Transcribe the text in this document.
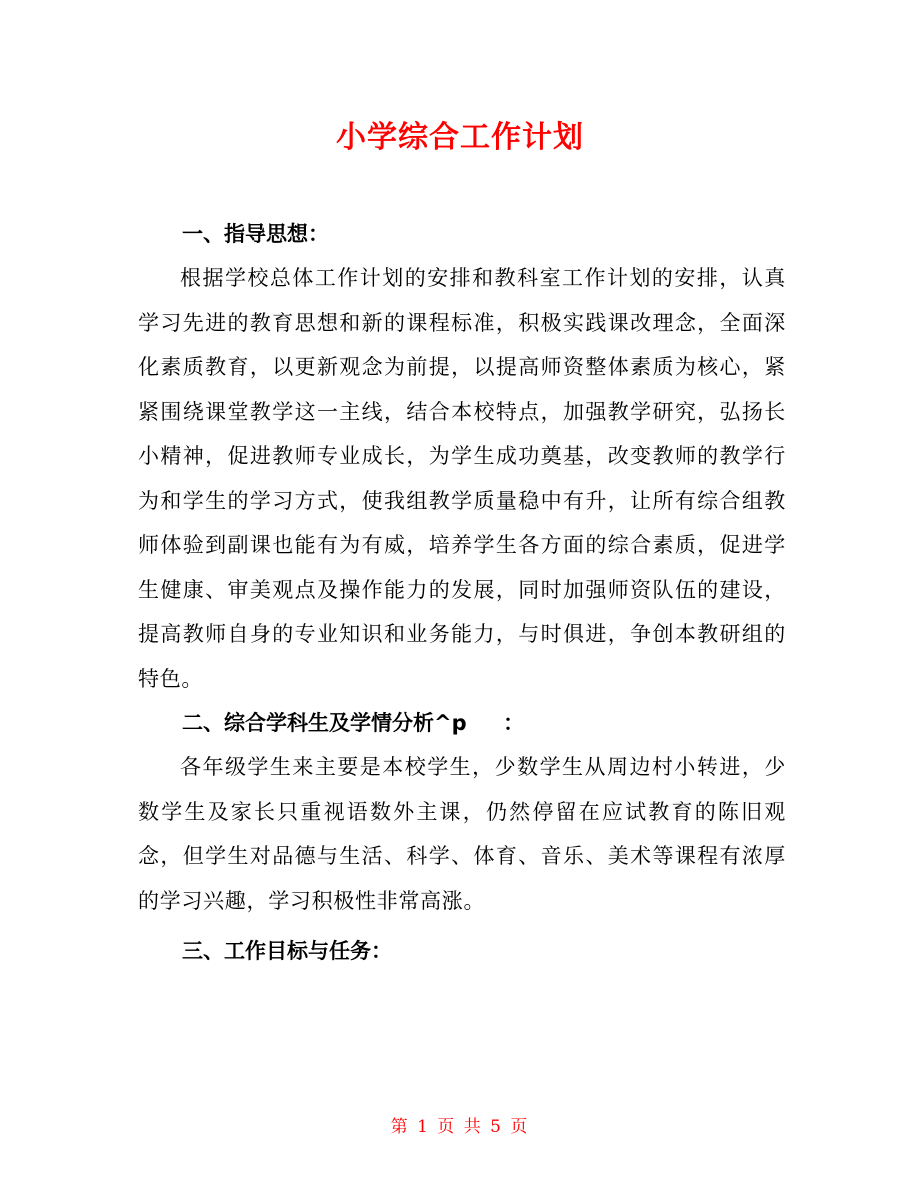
小学综合工作计划
一、指导思想：

根据学校总体工作计划的安排和教科室工作计划的安排，认真学习先进的教育思想和新的课程标准，积极实践课改理念，全面深化素质教育，以更新观念为前提，以提高师资整体素质为核心，紧紧围绕课堂教学这一主线，结合本校特点，加强教学研究，弘扬长小精神，促进教师专业成长，为学生成功奠基，改变教师的教学行为和学生的学习方式，使我组教学质量稳中有升，让所有综合组教师体验到副课也能有为有威，培养学生各方面的综合素质，促进学生健康、审美观点及操作能力的发展，同时加强师资队伍的建设，提高教师自身的专业知识和业务能力，与时俱进，争创本教研组的特色。

二、综合学科生及学情分析^p     ：

各年级学生来主要是本校学生，少数学生从周边村小转进，少数学生及家长只重视语数外主课，仍然停留在应试教育的陈旧观念，但学生对品德与生活、科学、体育、音乐、美术等课程有浓厚的学习兴趣，学习积极性非常高涨。

三、工作目标与任务：
第 1 页 共 5 页
